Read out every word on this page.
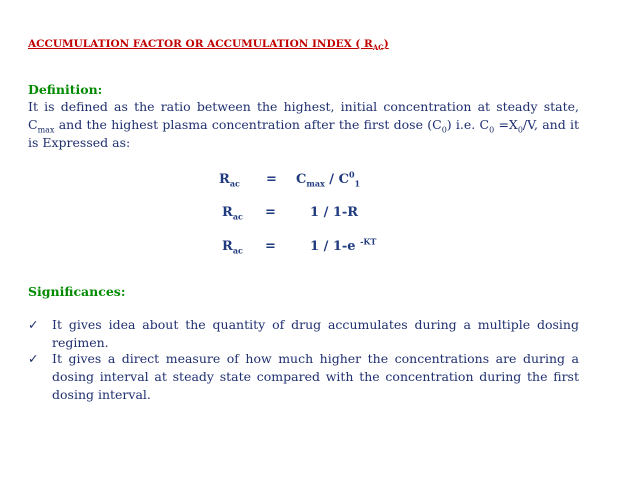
ACCUMULATION FACTOR OR ACCUMULATION INDEX ( $R_{AC}$)
Definition:
It is defined as the ratio between the highest, initial concentration at steady state, $C_{max}$ and the highest plasma concentration after the first dose $(C_0)$ i.e. $C_0 =X_0/V$, and it is Expressed as:
$R_{ac} = C_{max} / C^0_1$
$R_{ac}$ =	1 / 1-R
$R_{ac}$ =	1 / 1-e $^{-KT}$
Significances:
✓	It gives idea about the quantity of drug accumulates during a multiple dosing regimen.
✓	It gives a direct measure of how much higher the concentrations are during a dosing interval at steady state compared with the concentration during the first dosing interval.
